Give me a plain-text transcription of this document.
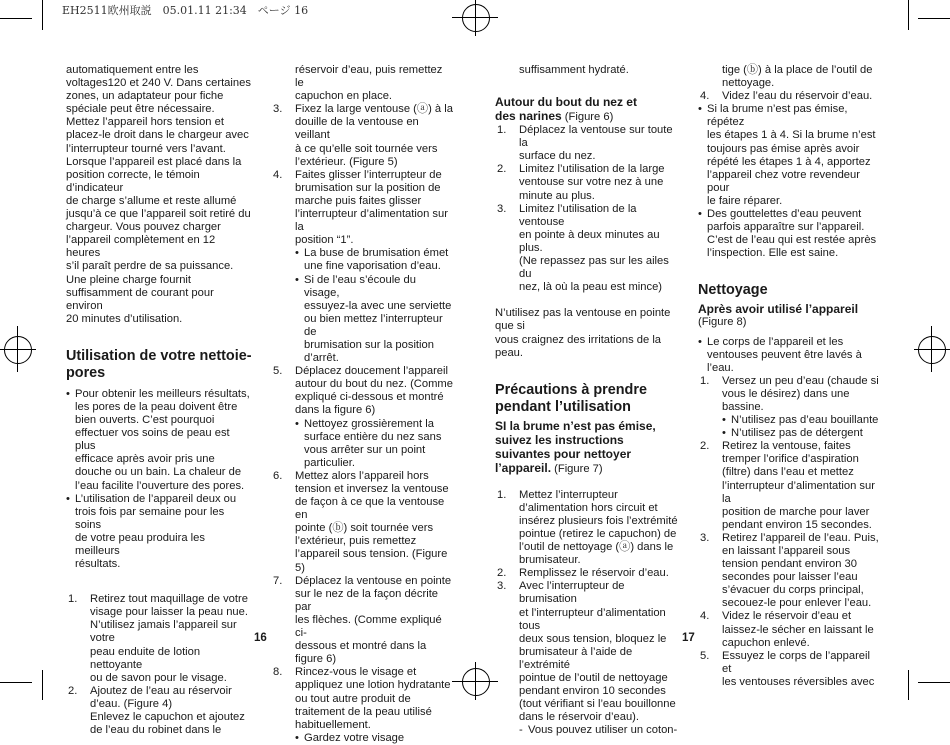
EH2511欧州取説　05.01.11 21:34　ページ 16
automatiquement entre les
voltages120 et 240 V. Dans certaines
zones, un adaptateur pour fiche
spéciale peut être nécessaire.
Mettez l’appareil hors tension et
placez-le droit dans le chargeur avec
l’interrupteur tourné vers l’avant.
Lorsque l’appareil est placé dans la
position correcte, le témoin d’indicateur
de charge s’allume et reste allumé
jusqu’à ce que l’appareil soit retiré du
chargeur. Vous pouvez charger
l’appareil complètement en 12 heures
s’il paraît perdre de sa puissance.
Une pleine charge fournit
suffisamment de courant pour environ
20 minutes d’utilisation.
Utilisation de votre nettoie-
pores
• Pour obtenir les meilleurs résultats,
les pores de la peau doivent être
bien ouverts. C’est pourquoi
effectuer vos soins de peau est plus
efficace après avoir pris une
douche ou un bain. La chaleur de
l’eau facilite l’ouverture des pores.
• L’utilisation de l’appareil deux ou
trois fois par semaine pour les soins
de votre peau produira les meilleurs
résultats.
1. Retirez tout maquillage de votre
visage pour laisser la peau nue.
N’utilisez jamais l’appareil sur votre
peau enduite de lotion nettoyante
ou de savon pour le visage.
2. Ajoutez de l’eau au réservoir
d’eau. (Figure 4)
Enlevez le capuchon et ajoutez
de l’eau du robinet dans le
réservoir d’eau, puis remettez le
capuchon en place.
3. Fixez la large ventouse (ⓐ) à la
douille de la ventouse en veillant
à ce qu’elle soit tournée vers
l’extérieur. (Figure 5)
4. Faites glisser l’interrupteur de
brumisation sur la position de
marche puis faites glisser
l’interrupteur d’alimentation sur la
position “1”.
• La buse de brumisation émet
une fine vaporisation d’eau.
• Si de l’eau s’écoule du visage,
essuyez-la avec une serviette
ou bien mettez l’interrupteur de
brumisation sur la position
d’arrêt.
5. Déplacez doucement l’appareil
autour du bout du nez. (Comme
expliqué ci-dessous et montré
dans la figure 6)
• Nettoyez grossièrement la
surface entière du nez sans
vous arrêter sur un point
particulier.
6. Mettez alors l’appareil hors
tension et inversez la ventouse
de façon à ce que la ventouse en
pointe (ⓑ) soit tournée vers
l’extérieur, puis remettez
l’appareil sous tension. (Figure 5)
7. Déplacez la ventouse en pointe
sur le nez de la façon décrite par
les flèches. (Comme expliqué ci-
dessous et montré dans la
figure 6)
8. Rincez-vous le visage et
appliquez une lotion hydratante
ou tout autre produit de
traitement de la peau utilisé
habituellement.
• Gardez votre visage
suffisamment hydraté.
Autour du bout du nez et
des narines (Figure 6)
1. Déplacez la ventouse sur toute la
surface du nez.
2. Limitez l’utilisation de la large
ventouse sur votre nez à une
minute au plus.
3. Limitez l’utilisation de la ventouse
en pointe à deux minutes au plus.
(Ne repassez pas sur les ailes du
nez, là où la peau est mince)
N’utilisez pas la ventouse en pointe que si
vous craignez des irritations de la
peau.
Précautions à prendre
pendant l’utilisation
SI la brume n’est pas émise,
suivez les instructions
suivantes pour nettoyer
l’appareil. (Figure 7)
1. Mettez l’interrupteur
d’alimentation hors circuit et
insérez plusieurs fois l’extrémité
pointue (retirez le capuchon) de
l’outil de nettoyage (ⓐ) dans le
brumisateur.
2. Remplissez le réservoir d’eau.
3. Avec l’interrupteur de brumisation
et l’interrupteur d’alimentation tous
deux sous tension, bloquez le
brumisateur à l’aide de l’extrémité
pointue de l’outil de nettoyage
pendant environ 10 secondes
(tout vérifiant si l’eau bouillonne
dans le réservoir d’eau).
- Vous pouvez utiliser un coton-
tige (ⓑ) à la place de l’outil de
nettoyage.
4. Videz l’eau du réservoir d’eau.
• Si la brume n’est pas émise, répétez
les étapes 1 à 4. Si la brume n’est
toujours pas émise après avoir
répété les étapes 1 à 4, apportez
l’appareil chez votre revendeur pour
le faire réparer.
• Des gouttelettes d’eau peuvent
parfois apparaître sur l’appareil.
C’est de l’eau qui est restée après
l’inspection. Elle est saine.
Nettoyage
Après avoir utilisé l’appareil
(Figure 8)
• Le corps de l’appareil et les
ventouses peuvent être lavés à l’eau.
1. Versez un peu d’eau (chaude si
vous le désirez) dans une bassine.
• N’utilisez pas d’eau bouillante
• N’utilisez pas de détergent
2. Retirez la ventouse, faites
tremper l’orifice d’aspiration
(filtre) dans l’eau et mettez
l’interrupteur d’alimentation sur la
position de marche pour laver
pendant environ 15 secondes.
3. Retirez l’appareil de l’eau. Puis,
en laissant l’appareil sous
tension pendant environ 30
secondes pour laisser l’eau
s’évacuer du corps principal,
secouez-le pour enlever l’eau.
4. Videz le réservoir d’eau et
laissez-le sécher en laissant le
capuchon enlevé.
5. Essuyez le corps de l’appareil et
les ventouses réversibles avec
16	17
